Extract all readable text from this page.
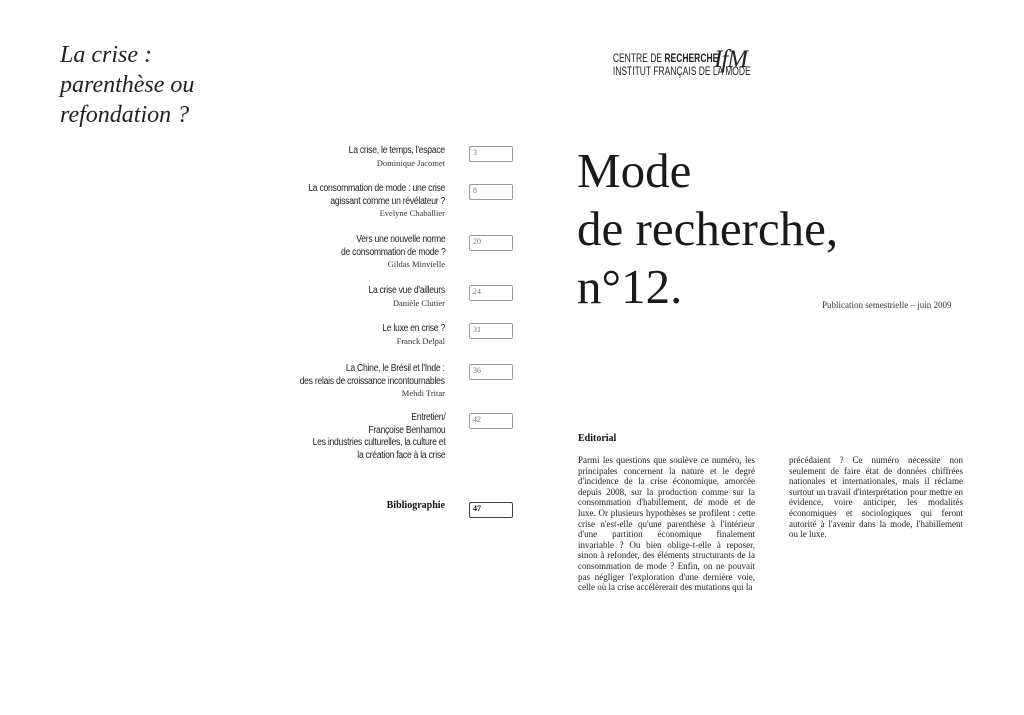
La crise :
parenthèse ou
refondation ?
La crise, le temps, l'espace
Dominique Jacomet
3
La consommation de mode : une crise
agissant comme un révélateur ?
Evelyne Chaballier
8
Vers une nouvelle norme
de consommation de mode ?
Gildas Minvielle
20
La crise vue d'ailleurs
Danièle Clutier
24
Le luxe en crise ?
Franck Delpal
31
La Chine, le Brésil et l'Inde :
des relais de croissance incontournables
Mehdi Tritar
36
Entretien/
Françoise Benhamou
Les industries culturelles, la culture et
la création face à la crise
42
Bibliographie	47
CENTRE DE RECHERCHE
INSTITUT FRANÇAIS DE LA MODE
IfM
Mode
de recherche,
n°12.	Publication semestrielle – juin 2009
Editorial
Parmi les questions que soulève ce numéro, les principales concernent la nature et le degré d'incidence de la crise économique, amorcée depuis 2008, sur la production comme sur la consommation d'habillement, de mode et de luxe. Or plusieurs hypothèses se profilent : cette crise n'est-elle qu'une parenthèse à l'intérieur d'une partition économique finalement invariable ? Ou bien oblige-t-elle à reposer, sinon à refonder, des éléments structurants de la consommation de mode ? Enfin, on ne pouvait pas négliger l'exploration d'une dernière voie, celle où la crise accélèrerait des mutations qui la
précédaient ? Ce numéro nécessite non seulement de faire état de données chiffrées nationales et internationales, mais il réclame surtout un travail d'interprétation pour mettre en évidence, voire anticiper, les modalités économiques et sociologiques qui feront autorité à l'avenir dans la mode, l'habillement ou le luxe.
